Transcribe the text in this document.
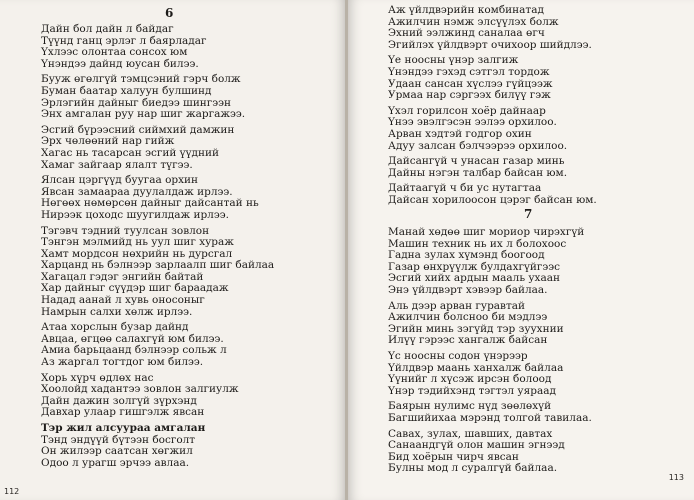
6
Дайн бол дайн л байдаг
Түүнд ганц эрлэг л баярладаг
Үхлээс олонтаа сонсох юм
Үнэндээ дайнд юусан билээ.
Бууж өгөлгүй тэмцсэний гэрч болж
Буман баатар халуун булшинд
Эрлэгийн дайныг биедээ шингээн
Энх амгалан руу нар шиг жаргажээ.
Эсгий бүрээсний сиймхий дамжин
Эрх чөлөөний нар гийж
Хагас нь тасарсан эсгий үүдний
Хамаг зайгаар ялалт түгээ.
Ялсан цэргүүд буугаа орхин
Явсан замаараа дуулалдаж ирлээ.
Нөгөөх нөмөрсөн дайныг дайсантай нь
Нирээк цоходс шуугилдаж ирлээ.
Тэгэвч тэдний туулсан зовлон
Тэнгэн мэлмийд нь уул шиг хураж
Хамт мордсон нөхрийн нь дурсгал
Харцанд нь бэлнээр зарлаалп шиг байлаа
Хагацал гэдэг энгийн байтай
Хар дайныг сүүдэр шиг бараадаж
Надад аанай л хувь оносоныг
Намрын салхи хөлж ирлээ.
Атаа хорслын бузар дайнд
Авцаа, өгцөө салахгүй юм билээ.
Амиа барьцаанд бэлнээр сольж л
Аз жаргал тогтдог юм билээ.
Хорь хүрч өдлөх нас
Хоолойд хадантээ зовлон залгиулж
Дайн дажин золгүй зүрхэнд
Давхар улаар гишгэлж явсан
Тэр жил алсуураа амгалан
Тэнд эндүүй бүтээн босголт
Он жилээр саатсан хөгжил
Одоо л урагш эрчээ авлаа.
112
Аж үйлдвэрийн комбинатад
Ажилчин нэмж элсүүлэх болж
Эхний ээлжинд саналаа өгч
Эгийлэх үйлдвэрт очихоор шийдлээ.
Үе ноосны үнэр залгиж
Үнэндээ гэхэд сэтгэл тордож
Удаан сансан хүслээ гүйцээж
Урмаа нар сэргээх билүү гэж
Үхэл горилсон хоёр дайнаар
Үнээ эвэлгэсэн ээлээ орхилоо.
Арван хэдтэй годгор охин
Адуу залсан бэлчээрээ орхилоо.
Дайсангүй ч унасан газар минь
Дайны нэгэн талбар байсан юм.
Дайтаагүй ч би ус нутагтаа
Дайсан хорилоосон цэрэг байсан юм.
7
Манай хөдөө шиг мориор чирэхгүй
Машин техник нь их л болохоос
Гадна зулах хүмэнд боогоод
Газар өнхрүүлж булдахгүйгээс
Эсгий хийх ардын мааль ухаан
Энэ үйлдвэрт хэвээр байлаа.
Аль дээр арван гуравтай
Ажилчин болсноо би мэдлээ
Эгийн минь зэгүйд тэр зуухнии
Илүү гэрээс хангалж байсан
Үс ноосны содон үнэрээр
Үйлдвэр маань ханхалж байлаа
Үүнийг л хүсэж ирсэн болоод
Үнэр тэдийхэнд тэгтэл уяраад
Баярын нулимс нүд зөөлөхүй
Багшийихаа мэрэнд толгой тавилаа.
Савах, зулах, шавших, давтах
Санаандгүй олон машин эгнээд
Бид хоёрын чирч явсан
Булны мод л суралгүй байлаа.
113
